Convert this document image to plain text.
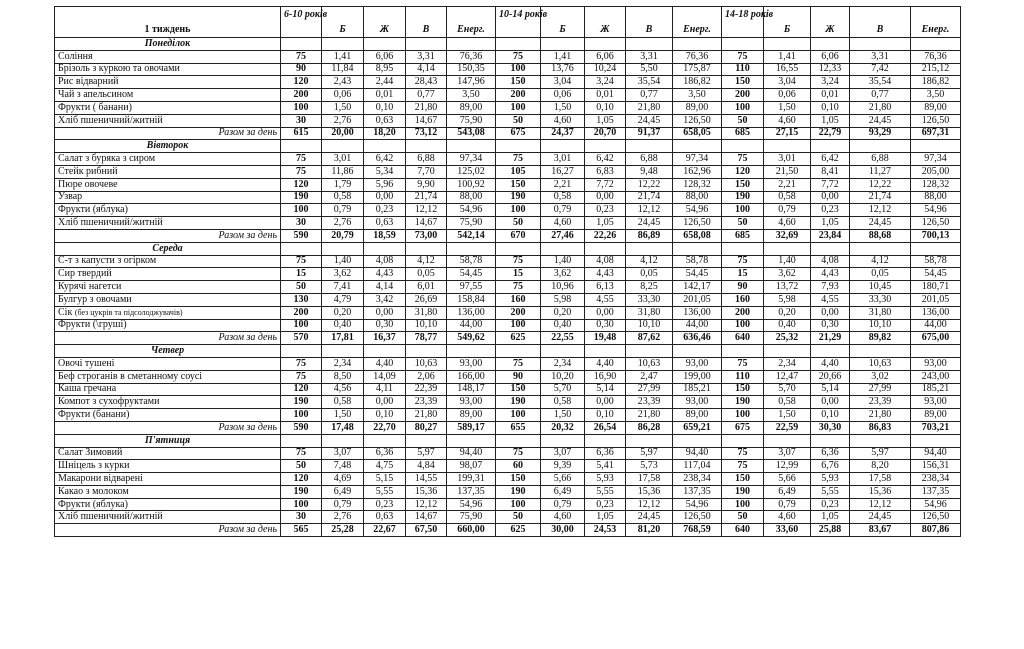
1 тиждень	6-10 років	Б	Ж	В	Енерг.	10-14 років	Б	Ж	В	Енерг.	14-18 років	Б	Ж	В	Енерг.
Понеділок															
Соління	75	1,41	6,06	3,31	76,36	75	1,41	6,06	3,31	76,36	75	1,41	6,06	3,31	76,36
Брізоль з куркою та овочами	90	11,84	8,95	4,14	150,35	100	13,76	10,24	5,50	175,87	110	16,55	12,33	7,42	215,12
Рис відварний	120	2,43	2,44	28,43	147,96	150	3,04	3,24	35,54	186,82	150	3,04	3,24	35,54	186,82
Чай з апельсином	200	0,06	0,01	0,77	3,50	200	0,06	0,01	0,77	3,50	200	0,06	0,01	0,77	3,50
Фрукти ( банани)	100	1,50	0,10	21,80	89,00	100	1,50	0,10	21,80	89,00	100	1,50	0,10	21,80	89,00
Хліб пшеничний/житній	30	2,76	0,63	14,67	75,90	50	4,60	1,05	24,45	126,50	50	4,60	1,05	24,45	126,50
Разом за день	615	20,00	18,20	73,12	543,08	675	24,37	20,70	91,37	658,05	685	27,15	22,79	93,29	697,31
Вівторок															
Салат з буряка з сиром	75	3,01	6,42	6,88	97,34	75	3,01	6,42	6,88	97,34	75	3,01	6,42	6,88	97,34
Стейк рибний	75	11,86	5,34	7,70	125,02	105	16,27	6,83	9,48	162,96	120	21,50	8,41	11,27	205,00
Пюре овочеве	120	1,79	5,96	9,90	100,92	150	2,21	7,72	12,22	128,32	150	2,21	7,72	12,22	128,32
Узвар	190	0,58	0,00	21,74	88,00	190	0,58	0,00	21,74	88,00	190	0,58	0,00	21,74	88,00
Фрукти (яблука)	100	0,79	0,23	12,12	54,96	100	0,79	0,23	12,12	54,96	100	0,79	0,23	12,12	54,96
Хліб пшеничний/житній	30	2,76	0,63	14,67	75,90	50	4,60	1,05	24,45	126,50	50	4,60	1,05	24,45	126,50
Разом за день	590	20,79	18,59	73,00	542,14	670	27,46	22,26	86,89	658,08	685	32,69	23,84	88,68	700,13
Середа															
С-т з капусти з огірком	75	1,40	4,08	4,12	58,78	75	1,40	4,08	4,12	58,78	75	1,40	4,08	4,12	58,78
Сир твердий	15	3,62	4,43	0,05	54,45	15	3,62	4,43	0,05	54,45	15	3,62	4,43	0,05	54,45
Курячі нагетси	50	7,41	4,14	6,01	97,55	75	10,96	6,13	8,25	142,17	90	13,72	7,93	10,45	180,71
Булгур з овочами	130	4,79	3,42	26,69	158,84	160	5,98	4,55	33,30	201,05	160	5,98	4,55	33,30	201,05
Сік (без цукрів та підсолоджувачів)	200	0,20	0,00	31,80	136,00	200	0,20	0,00	31,80	136,00	200	0,20	0,00	31,80	136,00
Фрукти (\груші)	100	0,40	0,30	10,10	44,00	100	0,40	0,30	10,10	44,00	100	0,40	0,30	10,10	44,00
Разом за день	570	17,81	16,37	78,77	549,62	625	22,55	19,48	87,62	636,46	640	25,32	21,29	89,82	675,00
Четвер															
Овочі тушені	75	2,34	4,40	10,63	93,00	75	2,34	4,40	10,63	93,00	75	2,34	4,40	10,63	93,00
Беф строганів в сметанному соусі	75	8,50	14,09	2,06	166,00	90	10,20	16,90	2,47	199,00	110	12,47	20,66	3,02	243,00
Каша гречана	120	4,56	4,11	22,39	148,17	150	5,70	5,14	27,99	185,21	150	5,70	5,14	27,99	185,21
Компот з сухофруктами	190	0,58	0,00	23,39	93,00	190	0,58	0,00	23,39	93,00	190	0,58	0,00	23,39	93,00
Фрукти (банани)	100	1,50	0,10	21,80	89,00	100	1,50	0,10	21,80	89,00	100	1,50	0,10	21,80	89,00
Разом за день	590	17,48	22,70	80,27	589,17	655	20,32	26,54	86,28	659,21	675	22,59	30,30	86,83	703,21
П'ятниця															
Салат Зимовий	75	3,07	6,36	5,97	94,40	75	3,07	6,36	5,97	94,40	75	3,07	6,36	5,97	94,40
Шніцель з курки	50	7,48	4,75	4,84	98,07	60	9,39	5,41	5,73	117,04	75	12,99	6,76	8,20	156,31
Макарони відварені	120	4,69	5,15	14,55	199,31	150	5,66	5,93	17,58	238,34	150	5,66	5,93	17,58	238,34
Какао з молоком	190	6,49	5,55	15,36	137,35	190	6,49	5,55	15,36	137,35	190	6,49	5,55	15,36	137,35
Фрукти (яблука)	100	0,79	0,23	12,12	54,96	100	0,79	0,23	12,12	54,96	100	0,79	0,23	12,12	54,96
Хліб пшеничний/житній	30	2,76	0,63	14,67	75,90	50	4,60	1,05	24,45	126,50	50	4,60	1,05	24,45	126,50
Разом за день	565	25,28	22,67	67,50	660,00	625	30,00	24,53	81,20	768,59	640	33,60	25,88	83,67	807,86
